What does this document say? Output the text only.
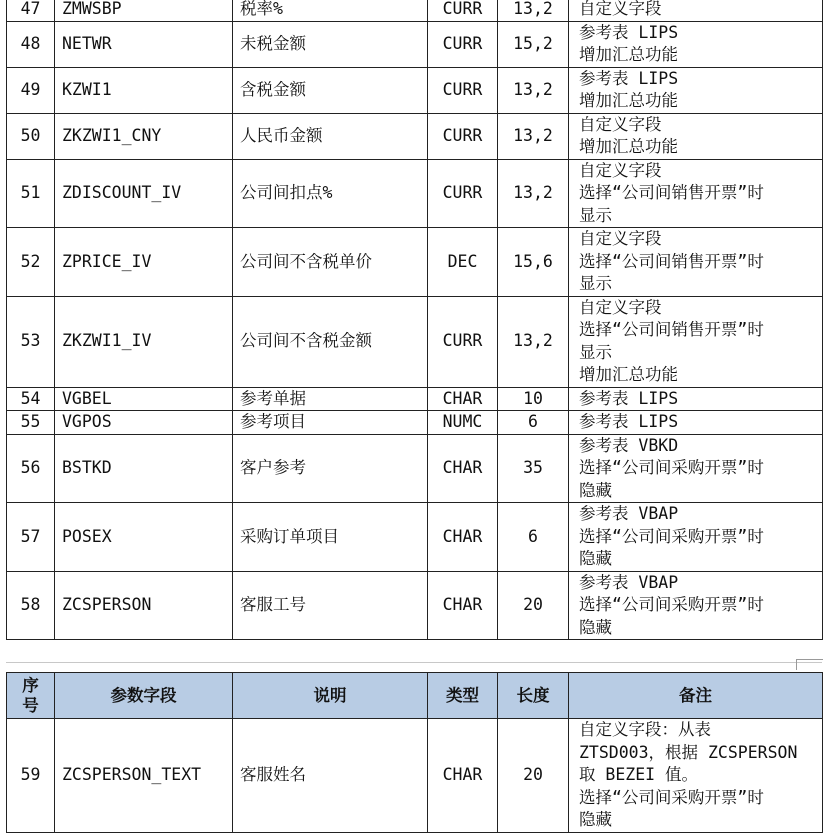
47	ZMWSBP	税率%	CURR	13,2	自定义字段

48	NETWR	未税金额	CURR	15,2	参考表 LIPS
增加汇总功能

49	KZWI1	含税金额	CURR	13,2	参考表 LIPS
增加汇总功能

50	ZKZWI1_CNY	人民币金额	CURR	13,2	自定义字段
增加汇总功能

51	ZDISCOUNT_IV	公司间扣点%	CURR	13,2	自定义字段
选择“公司间销售开票”时
显示

52	ZPRICE_IV	公司间不含税单价	DEC	15,6	自定义字段
选择“公司间销售开票”时
显示

53	ZKZWI1_IV	公司间不含税金额	CURR	13,2	自定义字段
选择“公司间销售开票”时
显示
增加汇总功能

54	VGBEL	参考单据	CHAR	10	参考表 LIPS

55	VGPOS	参考项目	NUMC	6	参考表 LIPS

56	BSTKD	客户参考	CHAR	35	参考表 VBKD
选择“公司间采购开票”时
隐藏

57	POSEX	采购订单项目	CHAR	6	参考表 VBAP
选择“公司间采购开票”时
隐藏

58	ZCSPERSON	客服工号	CHAR	20	参考表 VBAP
选择“公司间采购开票”时
隐藏
序
号	参数字段	说明	类型	长度	备注
59	ZCSPERSON_TEXT	客服姓名	CHAR	20	自定义字段：从表
ZTSD003，根据 ZCSPERSON
取 BEZEI 值。
选择“公司间采购开票”时
隐藏
